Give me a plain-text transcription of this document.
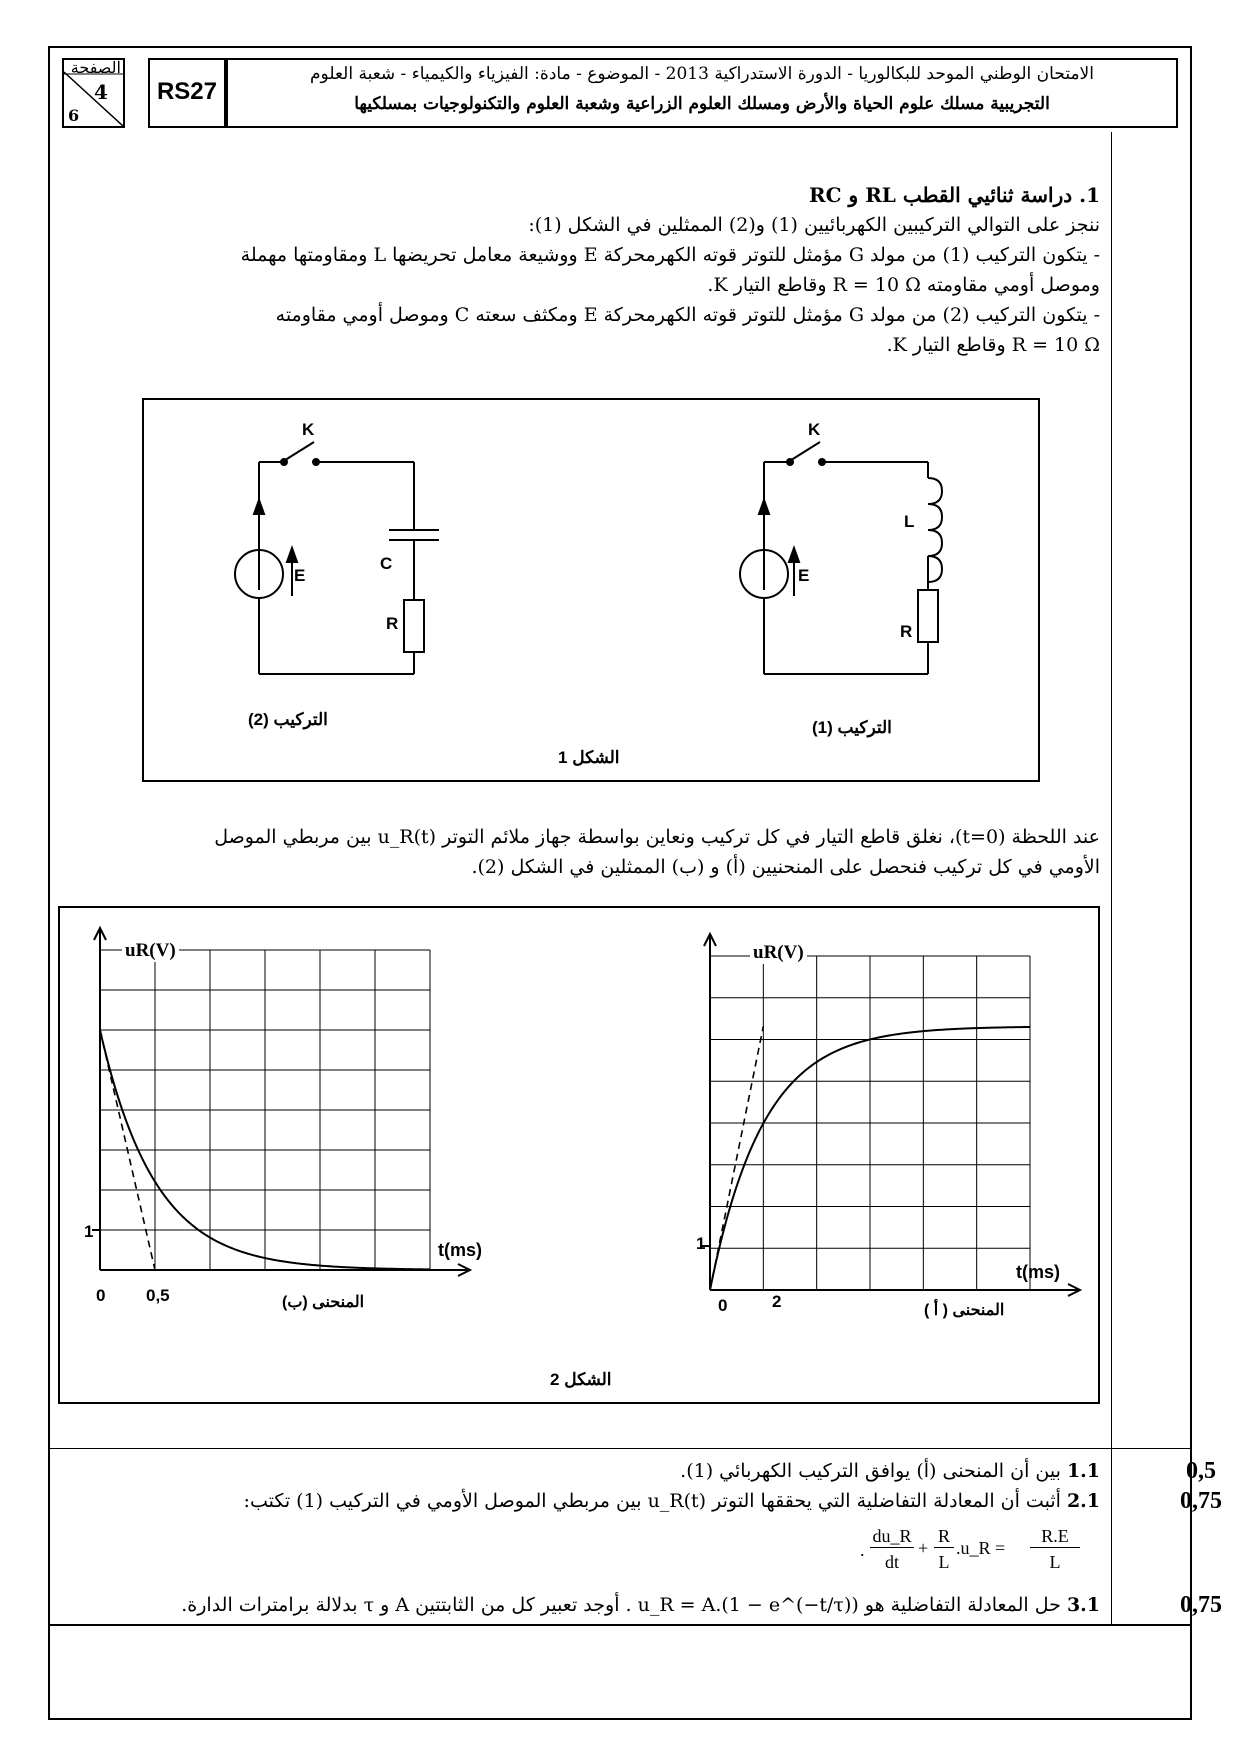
الصفحة
4
6
RS27
الامتحان الوطني الموحد للبكالوريا - الدورة الاستدراكية 2013 - الموضوع - مادة: الفيزياء والكيمياء - شعبة العلوم
التجريبية مسلك علوم الحياة والأرض ومسلك العلوم الزراعية وشعبة العلوم والتكنولوجيات بمسلكيها
1. دراسة ثنائيي القطب RL و RC
ننجز على التوالي التركيبين الكهربائيين (1) و(2) الممثلين في الشكل (1):
- يتكون التركيب (1) من مولد G مؤمثل للتوتر قوته الكهرمحركة E ووشيعة معامل تحريضها L ومقاومتها مهملة
وموصل أومي مقاومته R = 10 Ω وقاطع التيار K.
- يتكون التركيب (2) من مولد G مؤمثل للتوتر قوته الكهرمحركة E ومكثف سعته C وموصل أومي مقاومته
R = 10 Ω وقاطع التيار K.
K
E
C
R
التركيب (2)
K
E
L
R
التركيب (1)
الشكل 1
عند اللحظة (t=0)، نغلق قاطع التيار في كل تركيب ونعاين بواسطة جهاز ملائم التوتر u_R(t) بين مربطي الموصل
الأومي في كل تركيب فنحصل على المنحنيين (أ) و (ب) الممثلين في الشكل (2).
uR(V)
t(ms)
1
0 0,5	المنحنى (ب)
uR(V)
t(ms)
1
0	2	المنحنى ( أ )
الشكل 2
1.1 بين أن المنحنى (أ) يوافق التركيب الكهربائي (1).	0,5
2.1 أثبت أن المعادلة التفاضلية التي يحققها التوتر u_R(t) بين مربطي الموصل الأومي في التركيب (1) تكتب:	0,75
.
du_R
dt
+
R
L
.u_R =
R.E
L
3.1 حل المعادلة التفاضلية هو u_R = A.(1 − e^(−t/τ)) . أوجد تعبير كل من الثابتتين A و τ بدلالة برامترات الدارة.	0,75
